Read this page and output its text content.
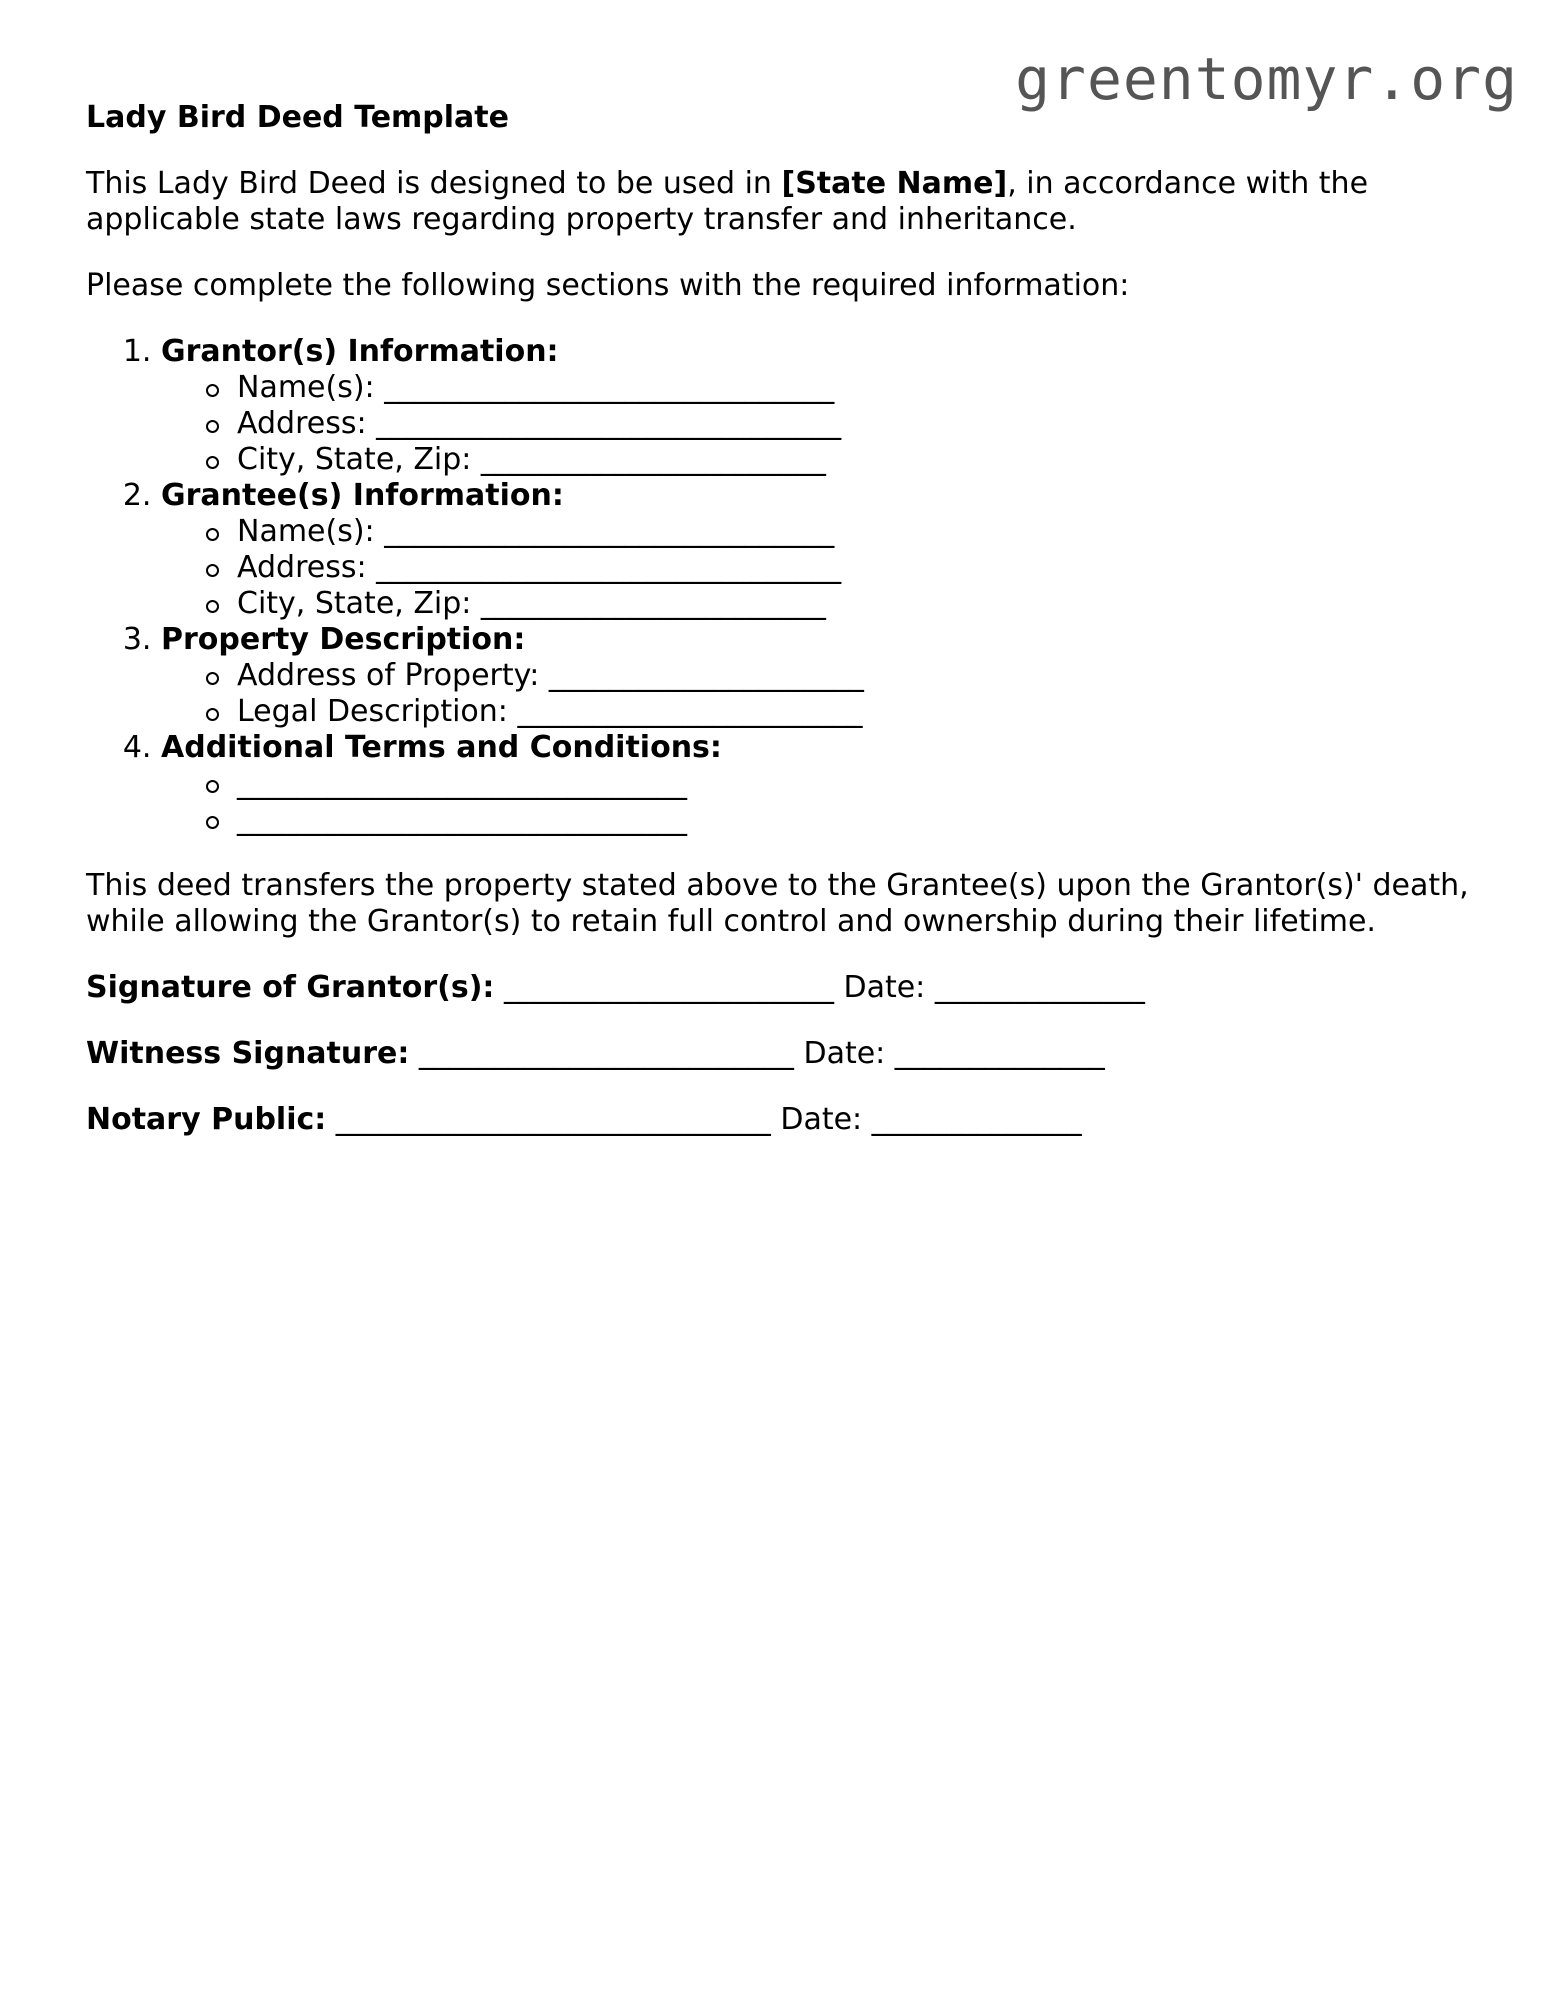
greentomyr.org
Lady Bird Deed Template

This Lady Bird Deed is designed to be used in [State Name], in accordance with the applicable state laws regarding property transfer and inheritance.

Please complete the following sections with the required information:

1. Grantor(s) Information:
Name(s): ______________________________
Address: _______________________________
City, State, Zip: _______________________
2. Grantee(s) Information:
Name(s): ______________________________
Address: _______________________________
City, State, Zip: _______________________
3. Property Description:
Address of Property: _____________________
Legal Description: _______________________
4. Additional Terms and Conditions:
______________________________
______________________________

This deed transfers the property stated above to the Grantee(s) upon the Grantor(s)' death, while allowing the Grantor(s) to retain full control and ownership during their lifetime.

Signature of Grantor(s): ______________________ Date: ______________
Witness Signature: _________________________ Date: ______________
Notary Public: _____________________________ Date: ______________
